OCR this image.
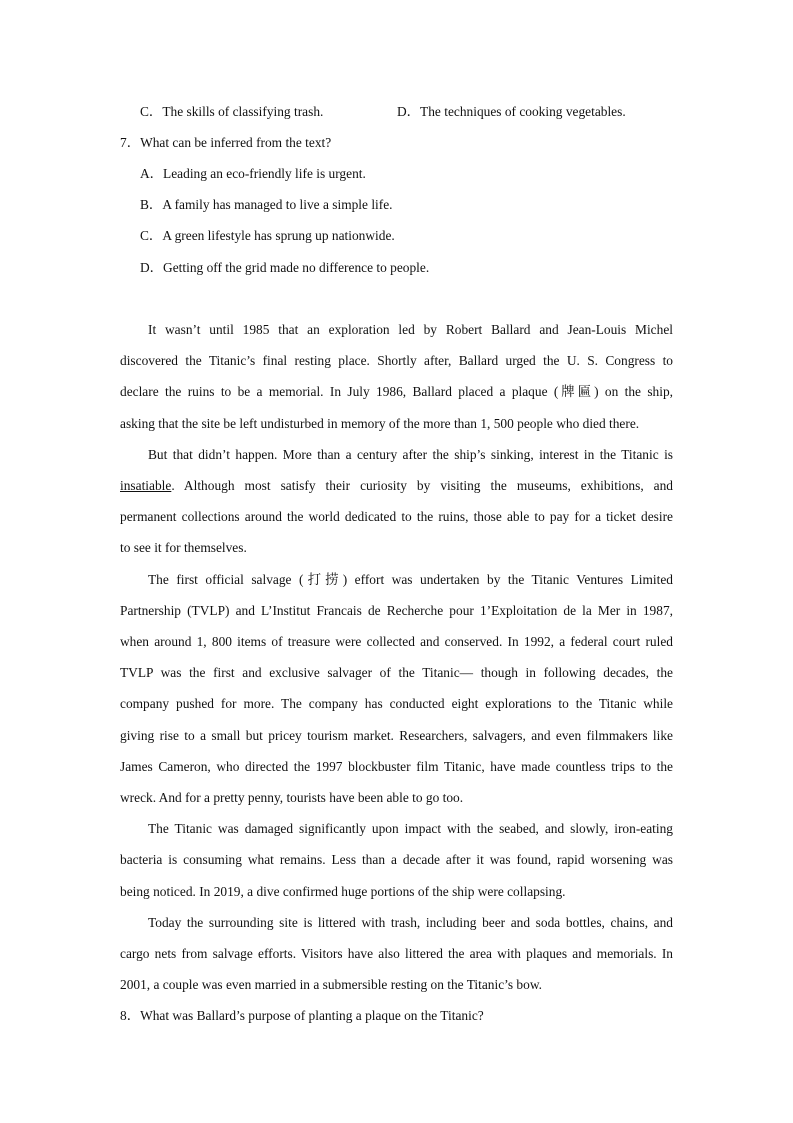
C．The skills of classifying trash.	D．The techniques of cooking vegetables.
7．What can be inferred from the text?
A．Leading an eco-friendly life is urgent.
B．A family has managed to live a simple life.
C．A green lifestyle has sprung up nationwide.
D．Getting off the grid made no difference to people.
It wasn’t until 1985 that an exploration led by Robert Ballard and Jean-Louis Michel
discovered the Titanic’s final resting place. Shortly after, Ballard urged the U. S. Congress to
declare the ruins to be a memorial. In July 1986, Ballard placed a plaque (牌匾) on the ship,
asking that the site be left undisturbed in memory of the more than 1, 500 people who died there.
But that didn’t happen. More than a century after the ship’s sinking, interest in the Titanic is
insatiable . Although most satisfy their curiosity by visiting the museums, exhibitions, and
permanent collections around the world dedicated to the ruins, those able to pay for a ticket desire
to see it for themselves.
The first official salvage (打捞) effort was undertaken by the Titanic Ventures Limited
Partnership (TVLP) and L’Institut Francais de Recherche pour 1’Exploitation de la Mer in 1987,
when around 1, 800 items of treasure were collected and conserved. In 1992, a federal court ruled
TVLP was the first and exclusive salvager of the Titanic— though in following decades, the
company pushed for more. The company has conducted eight explorations to the Titanic while
giving rise to a small but pricey tourism market. Researchers, salvagers, and even filmmakers like
James Cameron, who directed the 1997 blockbuster film Titanic, have made countless trips to the
wreck. And for a pretty penny, tourists have been able to go too.
The Titanic was damaged significantly upon impact with the seabed, and slowly, iron-eating
bacteria is consuming what remains. Less than a decade after it was found, rapid worsening was
being noticed. In 2019, a dive confirmed huge portions of the ship were collapsing.
Today the surrounding site is littered with trash, including beer and soda bottles, chains, and
cargo nets from salvage efforts. Visitors have also littered the area with plaques and memorials. In
2001, a couple was even married in a submersible resting on the Titanic’s bow.
8．What was Ballard’s purpose of planting a plaque on the Titanic?
